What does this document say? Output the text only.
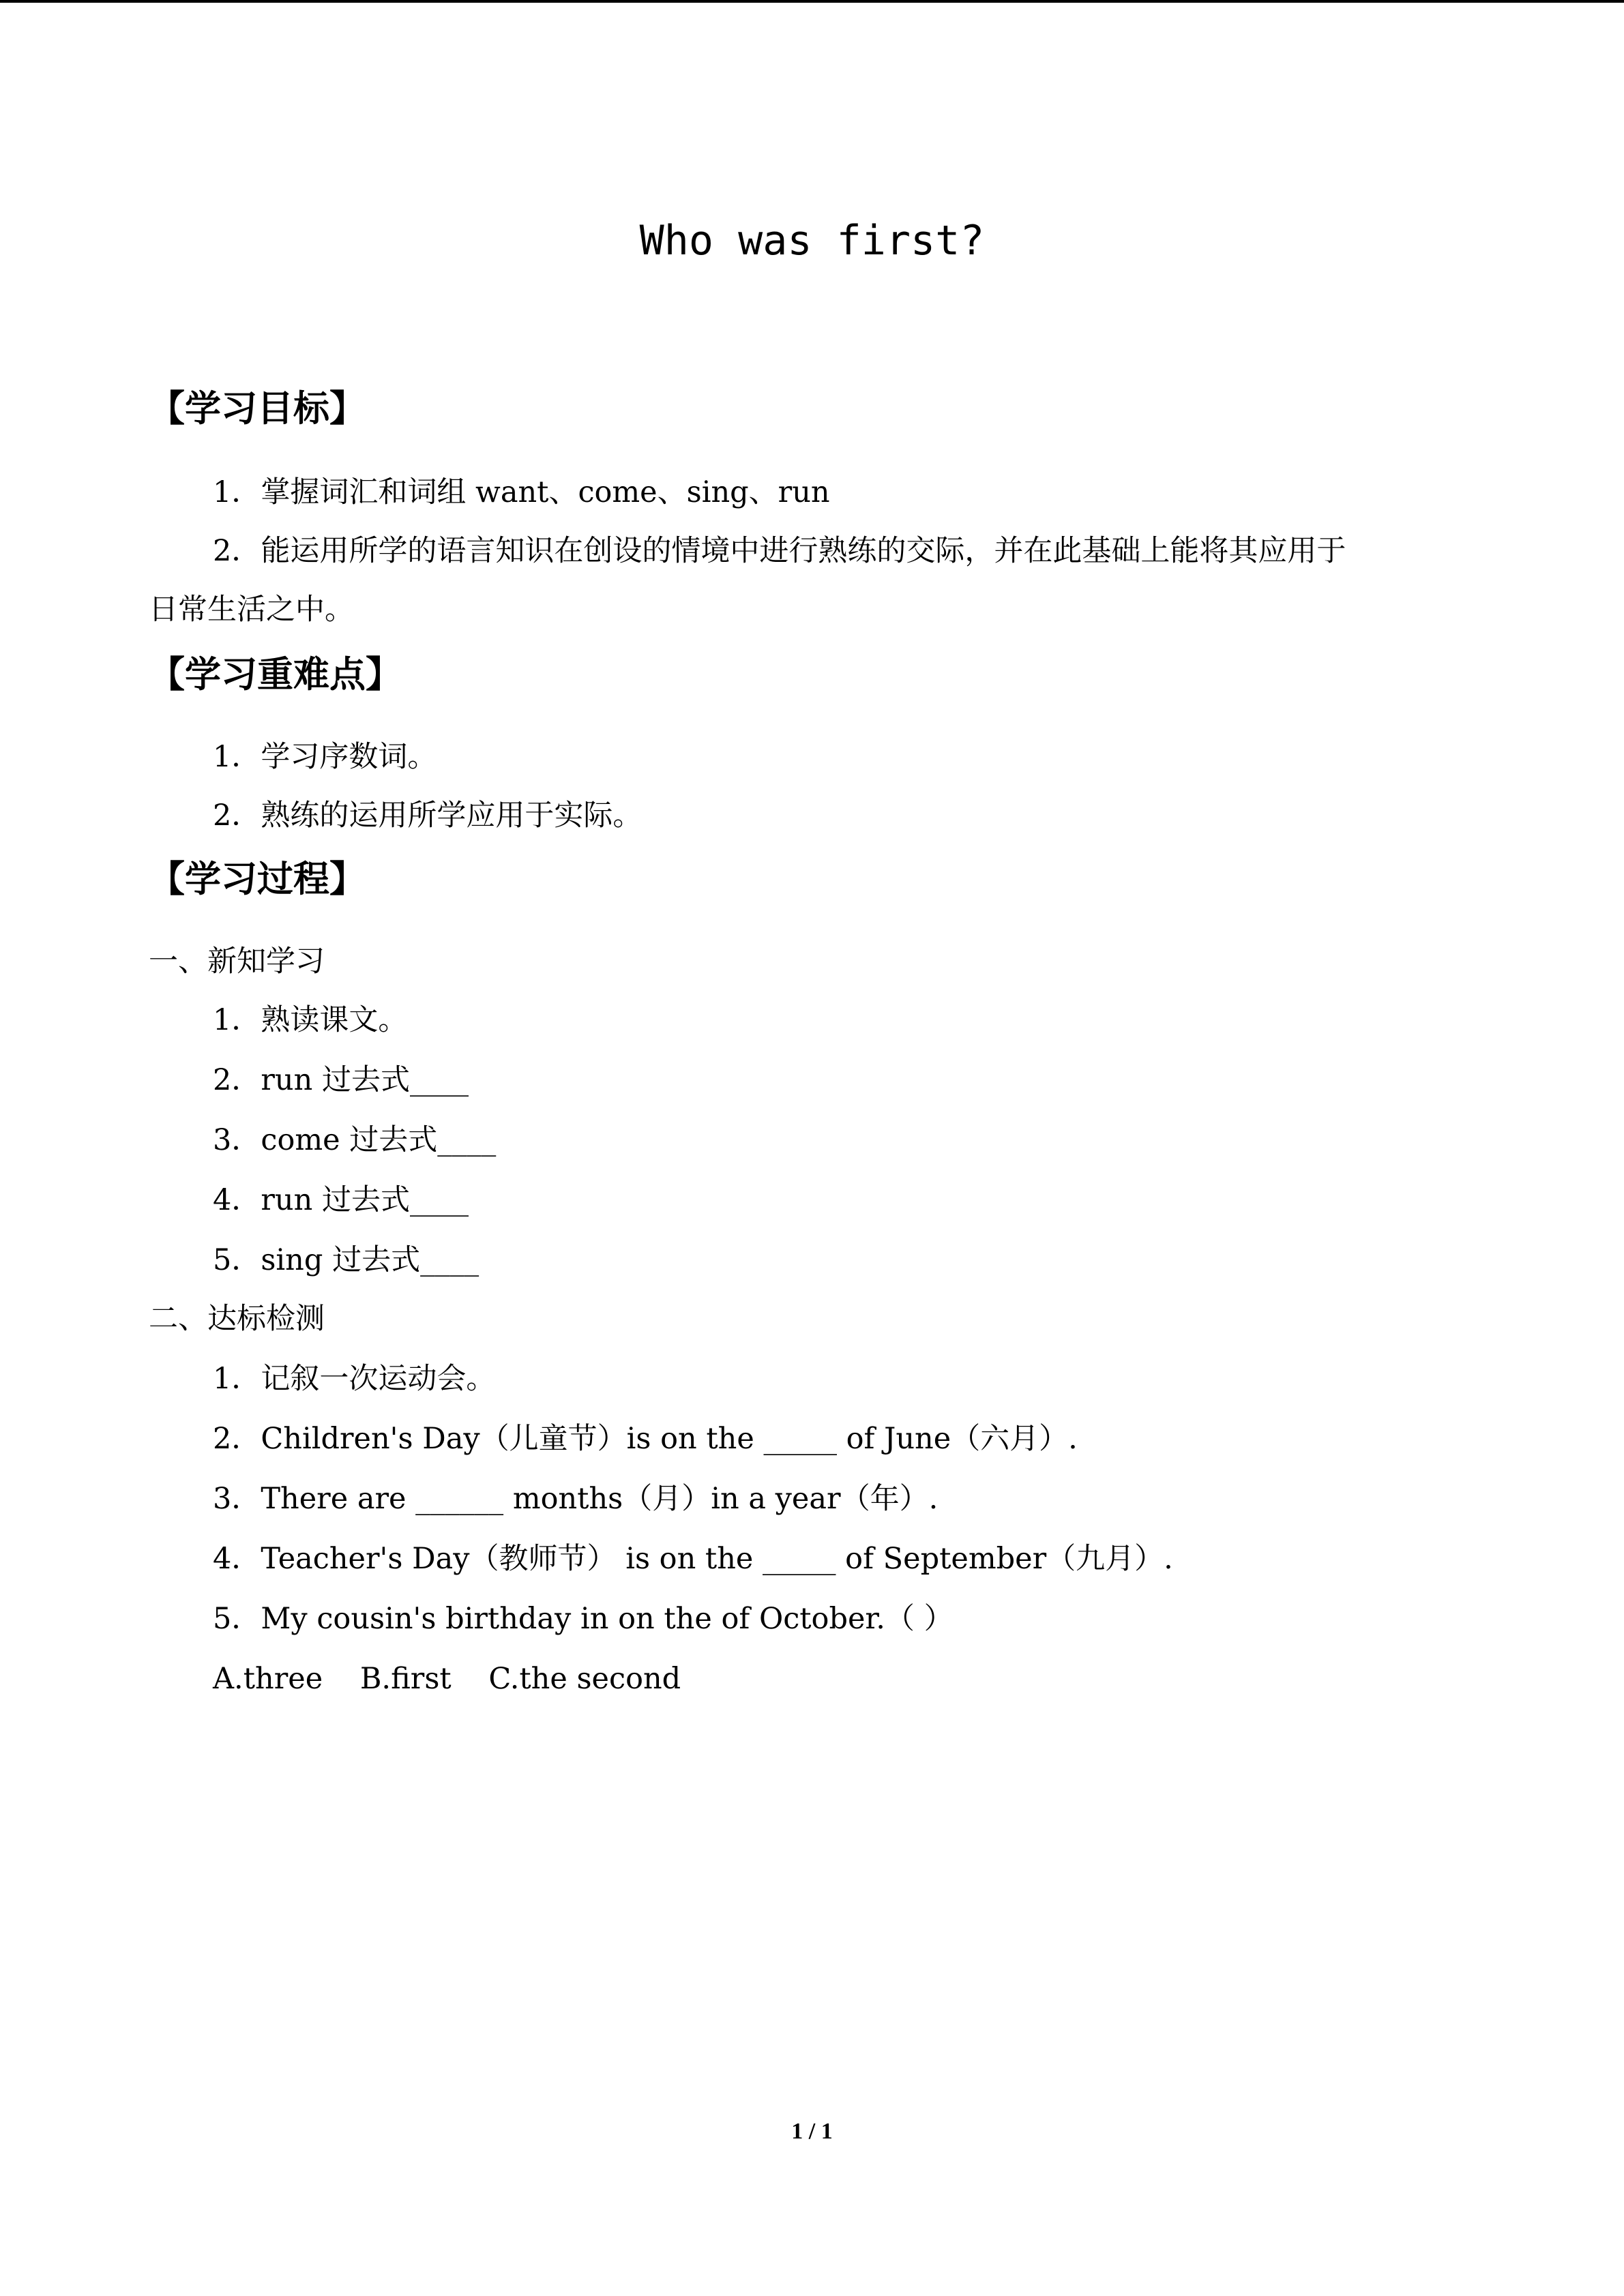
Who was first?
【学习目标】
1．掌握词汇和词组 want、come、sing、run
2．能运用所学的语言知识在创设的情境中进行熟练的交际，并在此基础上能将其应用于
日常生活之中。
【学习重难点】
1．学习序数词。
2．熟练的运用所学应用于实际。
【学习过程】
一、新知学习
1．熟读课文。
2．run 过去式____
3．come 过去式____
4．run 过去式____
5．sing 过去式____
二、达标检测
1．记叙一次运动会。
2．Children's Day（儿童节）is on the _____ of June（六月）.
3．There are ______ months（月）in a year（年）.
4．Teacher's Day（教师节） is on the _____ of September（九月）.
5．My cousin's birthday in on the of October.（ ）
A.three    B.first    C.the second
1 / 1
